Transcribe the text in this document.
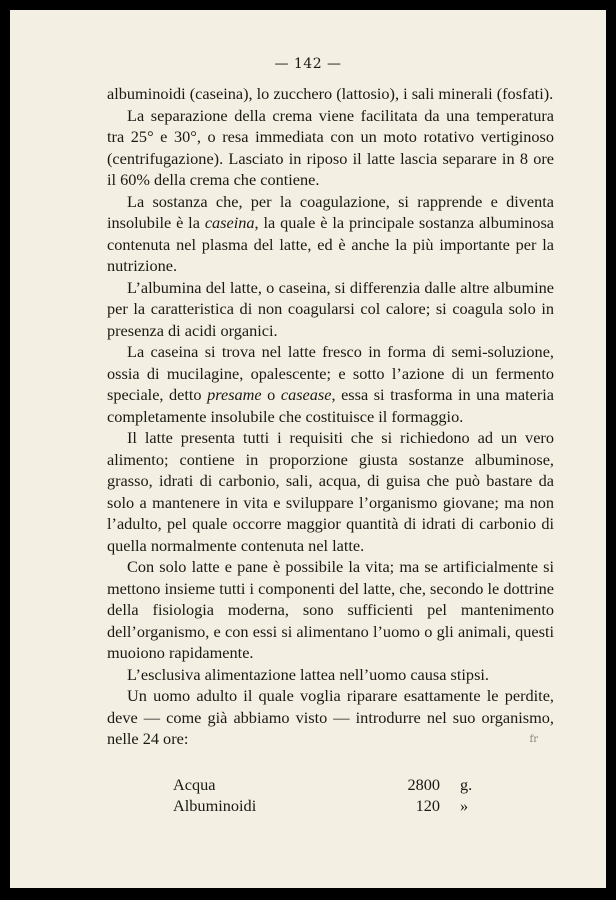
— 142 —

albuminoidi (caseina), lo zucchero (lattosio), i sali minerali (fosfati).

La separazione della crema viene facilitata da una temperatura tra 25° e 30°, o resa immediata con un moto rotativo vertiginoso (centrifugazione). Lasciato in riposo il latte lascia separare in 8 ore il 60% della crema che contiene.

La sostanza che, per la coagulazione, si rapprende e diventa insolubile è la caseina, la quale è la principale sostanza albuminosa contenuta nel plasma del latte, ed è anche la più importante per la nutrizione.

L’albumina del latte, o caseina, si differenzia dalle altre albumine per la caratteristica di non coagularsi col calore; si coagula solo in presenza di acidi organici.

La caseina si trova nel latte fresco in forma di semi-soluzione, ossia di mucilagine, opalescente; e sotto l’azione di un fermento speciale, detto presame o casease, essa si trasforma in una materia completamente insolubile che costituisce il formaggio.

Il latte presenta tutti i requisiti che si richiedono ad un vero alimento; contiene in proporzione giusta sostanze albuminose, grasso, idrati di carbonio, sali, acqua, di guisa che può bastare da solo a mantenere in vita e sviluppare l’organismo giovane; ma non l’adulto, pel quale occorre maggior quantità di idrati di carbonio di quella normalmente contenuta nel latte.

Con solo latte e pane è possibile la vita; ma se artificialmente si mettono insieme tutti i componenti del latte, che, secondo le dottrine della fisiologia moderna, sono sufficienti pel mantenimento dell’organismo, e con essi si alimentano l’uomo o gli animali, questi muoiono rapidamente.

L’esclusiva alimentazione lattea nell’uomo causa stipsi.

Un uomo adulto il quale voglia riparare esattamente le perdite, deve — come già abbiamo visto — introdurre nel suo organismo, nelle 24 ore:

Acqua	2800	g.
Albuminoidi	120	»
fr
